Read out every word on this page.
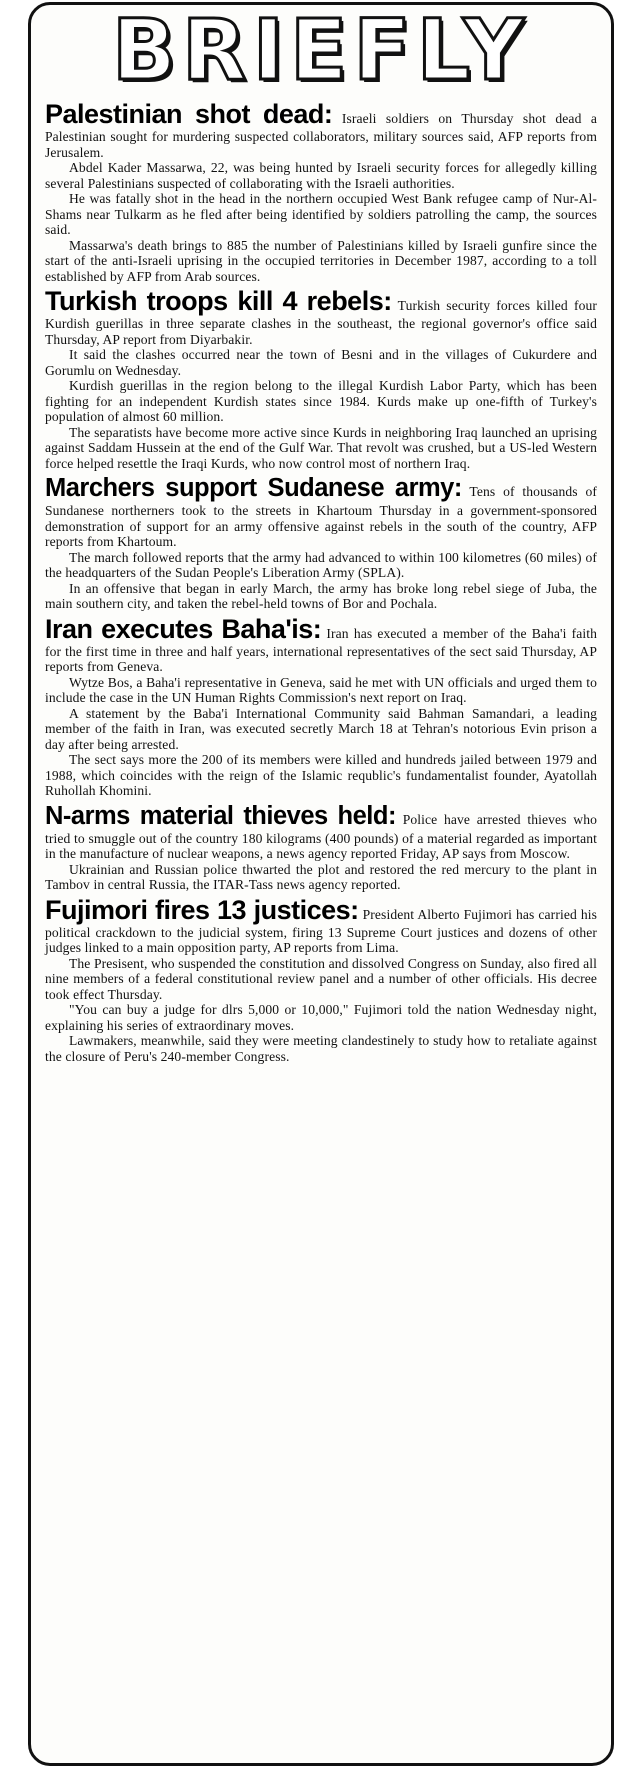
BRIEFLY

Palestinian shot dead: Israeli soldiers on Thursday shot dead a Palestinian sought for murdering suspected collaborators, military sources said, AFP reports from Jerusalem.

Abdel Kader Massarwa, 22, was being hunted by Israeli security forces for allegedly killing several Palestinians suspected of collaborating with the Israeli authorities.

He was fatally shot in the head in the northern occupied West Bank refugee camp of Nur-Al-Shams near Tulkarm as he fled after being identified by soldiers patrolling the camp, the sources said.

Massarwa's death brings to 885 the number of Palestinians killed by Israeli gunfire since the start of the anti-Israeli uprising in the occupied territories in December 1987, according to a toll established by AFP from Arab sources.

Turkish troops kill 4 rebels: Turkish security forces killed four Kurdish guerillas in three separate clashes in the southeast, the regional governor's office said Thursday, AP report from Diyarbakir.

It said the clashes occurred near the town of Besni and in the villages of Cukurdere and Gorumlu on Wednesday.

Kurdish guerillas in the region belong to the illegal Kurdish Labor Party, which has been fighting for an independent Kurdish states since 1984. Kurds make up one-fifth of Turkey's population of almost 60 million.

The separatists have become more active since Kurds in neighboring Iraq launched an uprising against Saddam Hussein at the end of the Gulf War. That revolt was crushed, but a US-led Western force helped resettle the Iraqi Kurds, who now control most of northern Iraq.

Marchers support Sudanese army: Tens of thousands of Sundanese northerners took to the streets in Khartoum Thursday in a government-sponsored demonstration of support for an army offensive against rebels in the south of the country, AFP reports from Khartoum.

The march followed reports that the army had advanced to within 100 kilometres (60 miles) of the headquarters of the Sudan People's Liberation Army (SPLA).

In an offensive that began in early March, the army has broke long rebel siege of Juba, the main southern city, and taken the rebel-held towns of Bor and Pochala.

Iran executes Baha'is: Iran has executed a member of the Baha'i faith for the first time in three and half years, international representatives of the sect said Thursday, AP reports from Geneva.

Wytze Bos, a Baha'i representative in Geneva, said he met with UN officials and urged them to include the case in the UN Human Rights Commission's next report on Iraq.

A statement by the Baba'i International Community said Bahman Samandari, a leading member of the faith in Iran, was executed secretly March 18 at Tehran's notorious Evin prison a day after being arrested.

The sect says more the 200 of its members were killed and hundreds jailed between 1979 and 1988, which coincides with the reign of the Islamic requblic's fundamentalist founder, Ayatollah Ruhollah Khomini.

N-arms material thieves held: Police have arrested thieves who tried to smuggle out of the country 180 kilograms (400 pounds) of a material regarded as important in the manufacture of nuclear weapons, a news agency reported Friday, AP says from Moscow.

Ukrainian and Russian police thwarted the plot and restored the red mercury to the plant in Tambov in central Russia, the ITAR-Tass news agency reported.

Fujimori fires 13 justices: President Alberto Fujimori has carried his political crackdown to the judicial system, firing 13 Supreme Court justices and dozens of other judges linked to a main opposition party, AP reports from Lima.

The Presisent, who suspended the constitution and dissolved Congress on Sunday, also fired all nine members of a federal constitutional review panel and a number of other officials. His decree took effect Thursday.

"You can buy a judge for dlrs 5,000 or 10,000," Fujimori told the nation Wednesday night, explaining his series of extraordinary moves.

Lawmakers, meanwhile, said they were meeting clandestinely to study how to retaliate against the closure of Peru's 240-member Congress.
